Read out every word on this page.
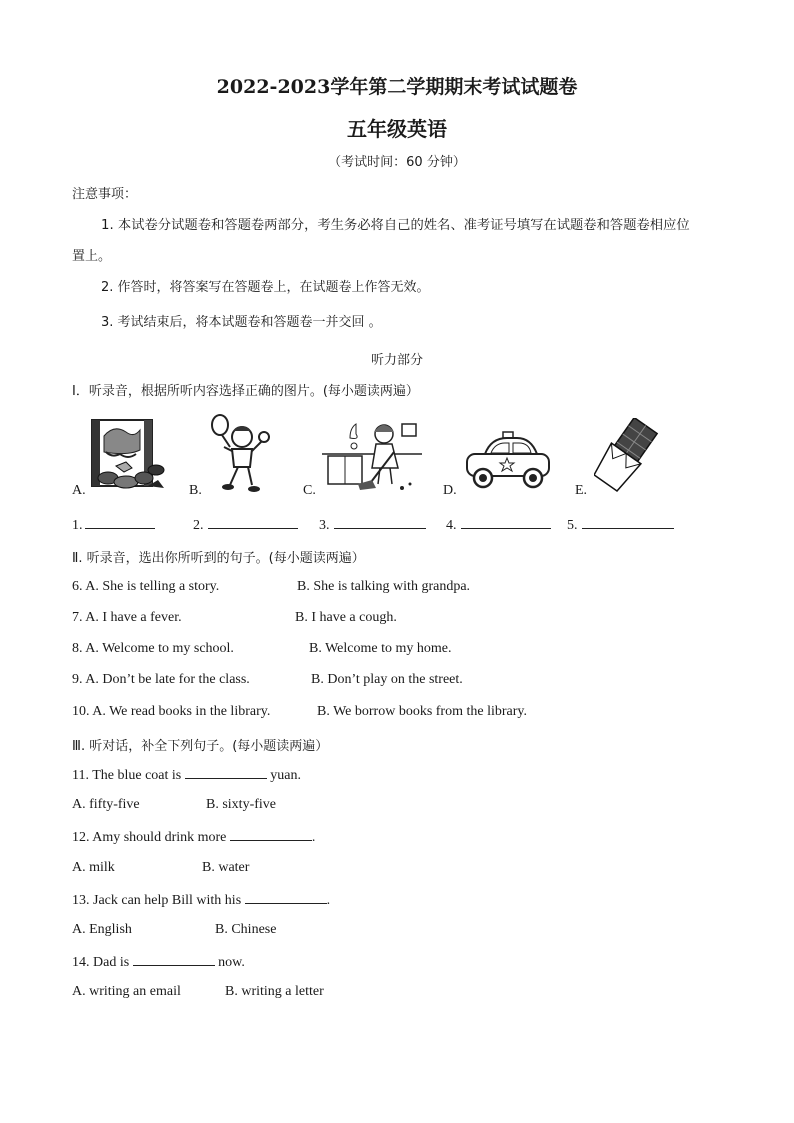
2022-2023学年第二学期期末考试试题卷
五年级英语
（考试时间：60 分钟）
注意事项：
1. 本试卷分试题卷和答题卷两部分，考生务必将自己的姓名、准考证号填写在试题卷和答题卷相应位
置上。
2. 作答时，将答案写在答题卷上，在试题卷上作答无效。
3. 考试结束后，将本试题卷和答题卷一并交回 。
听力部分
Ⅰ．听录音，根据所听内容选择正确的图片。(每小题读两遍）
A.	B.	C.	D.	E.
1.	2.	3.	4.	5.
Ⅱ. 听录音，选出你所听到的句子。(每小题读两遍）
6. A. She is telling a story.	B. She is talking with grandpa.
7. A. I have a fever.	B. I have a cough.
8. A. Welcome to my school.	B. Welcome to my home.
9. A. Don’t be late for the class.	B. Don’t play on the street.
10. A. We read books in the library.	B. We borrow books from the library.
Ⅲ. 听对话，补全下列句子。(每小题读两遍）
11. The blue coat is	yuan.
A. fifty-five	B. sixty-five
12. Amy should drink more	.
A. milk	B. water
13. Jack can help Bill with his	.
A. English	B. Chinese
14. Dad is	now.
A. writing an email	B. writing a letter
